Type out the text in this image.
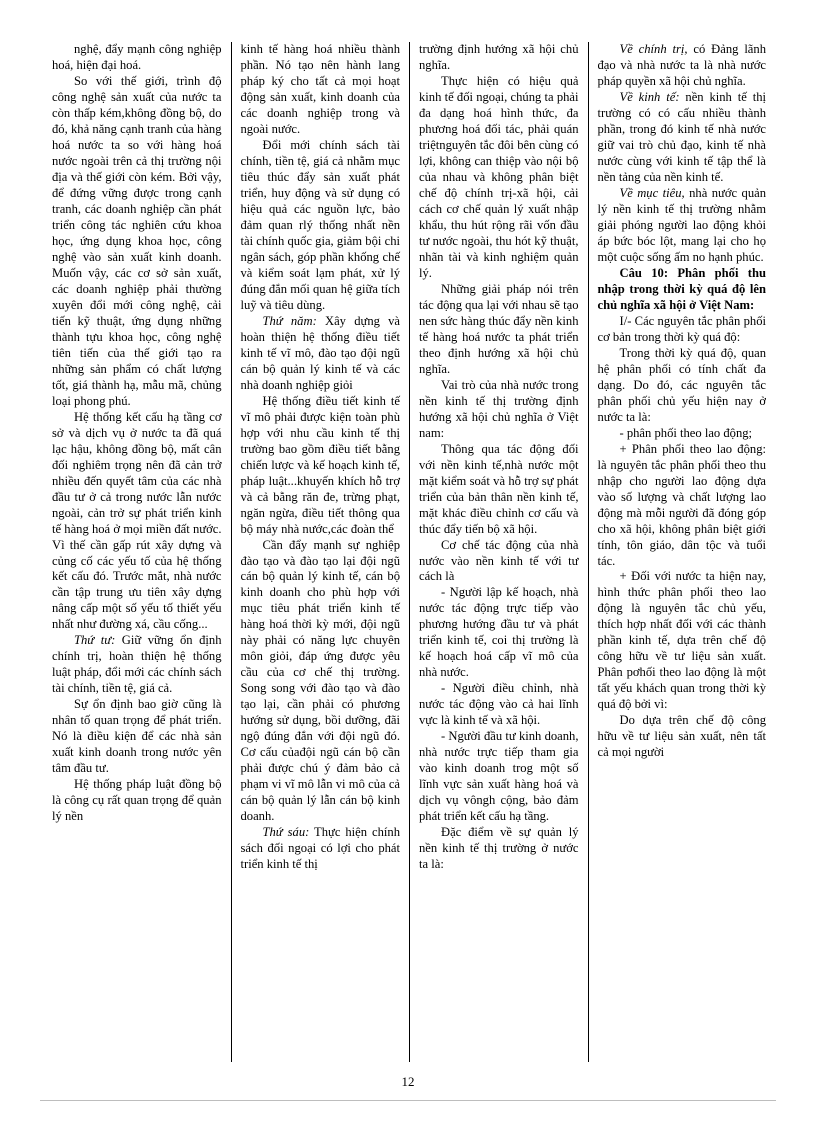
nghệ, đẩy mạnh công nghiệp hoá, hiện đại hoá.

So với thế giới, trình độ công nghệ sản xuất của nước ta còn thấp kém,không đồng bộ, do đó, khả năng cạnh tranh của hàng hoá nước ta so với hàng hoá nước ngoài trên cả thị trường nội địa và thế giới còn kém. Bởi vậy, để đứng vững được trong cạnh tranh, các doanh nghiệp cần phát triển công tác nghiên cứu khoa học, ứng dụng khoa học, công nghệ vào sản xuất kinh doanh. Muốn vậy, các cơ sở sản xuất, các doanh nghiệp phải thường xuyên đổi mới công nghệ, cải tiến kỹ thuật, ứng dụng những thành tựu khoa học, công nghệ tiên tiến của thế giới tạo ra những sản phẩm có chất lượng tốt, giá thành hạ, mẫu mã, chủng loại phong phú.

Hệ thống kết cấu hạ tầng cơ sở và dịch vụ ở nước ta đã quá lạc hậu, không đồng bộ, mất cân đối nghiêm trọng nên đã cản trở nhiều đến quyết tâm của các nhà đầu tư ở cả trong nước lẫn nước ngoài, cản trở sự phát triển kinh tế hàng hoá ở mọi miền đất nước. Vì thế cần gấp rút xây dựng và củng cố các yếu tố của hệ thống kết cấu đó. Trước mắt, nhà nước cần tập trung ưu tiên xây dựng nâng cấp một số yếu tố thiết yếu nhất như đường xá, cầu cống...

Thứ tư: Giữ vững ổn định chính trị, hoàn thiện hệ thống luật pháp, đổi mới các chính sách tài chính, tiền tệ, giá cả.

Sự ổn định bao giờ cũng là nhân tố quan trọng để phát triển. Nó là điều kiện để các nhà sản xuất kinh doanh trong nước yên tâm đầu tư.

Hệ thống pháp luật đồng bộ là công cụ rất quan trọng để quản lý nền

kinh tế hàng hoá nhiều thành phần. Nó tạo nên hành lang pháp ký cho tất cả mọi hoạt động sản xuất, kinh doanh của các doanh nghiệp trong và ngoài nước.

Đổi mới chính sách tài chính, tiền tệ, giá cả nhằm mục tiêu thúc đẩy sản xuất phát triển, huy động và sử dụng có hiệu quả các nguồn lực, bảo đảm quan rlý thống nhất nền tài chính quốc gia, giảm bội chi ngân sách, góp phần khống chế và kiểm soát lạm phát, xử lý đúng đắn mối quan hệ giữa tích luỹ và tiêu dùng.

Thứ năm: Xây dựng và hoàn thiện hệ thống điều tiết kinh tế vĩ mô, đào tạo đội ngũ cán bộ quản lý kinh tế và các nhà doanh nghiệp giỏi

Hệ thống điều tiết kinh tế vĩ mô phải được kiện toàn phù hợp với nhu cầu kinh tế thị trường bao gồm điều tiết bằng chiến lược và kế hoạch kinh tế, pháp luật...khuyến khích hỗ trợ và cả bằng răn đe, trừng phạt, ngăn ngừa, điều tiết thông qua bộ máy nhà nước,các đoàn thể

Cần đẩy mạnh sự nghiệp đào tạo và đào tạo lại đội ngũ cán bộ quản lý kinh tế, cán bộ kinh doanh cho phù hợp với mục tiêu phát triển kinh tế hàng hoá thời kỳ mới, đội ngũ này phải có năng lực chuyên môn giỏi, đáp ứng được yêu cầu của cơ chế thị trường. Song song với đào tạo và đào tạo lại, cần phải có phương hướng sử dụng, bồi dưỡng, đãi ngộ đúng đắn với đội ngũ đó. Cơ cấu củađội ngũ cán bộ cần phải được chú ý đảm bảo cả phạm vi vĩ mô lẫn vi mô của cả cán bộ quản lý lẫn cán bộ kinh doanh.

Thứ sáu: Thực hiện chính sách đối ngoại có lợi cho phát triển kinh tế thị

trường định hướng xã hội chủ nghĩa.

Thực hiện có hiệu quả kinh tế đối ngoại, chúng ta phải đa dạng hoá hình thức, đa phương hoá đối tác, phải quán triệtnguyên tắc đôi bên cùng có lợi, không can thiệp vào nội bộ của nhau và không phân biệt chế độ chính trị-xã hội, cải cách cơ chế quản lý xuất nhập khẩu, thu hút rộng rãi vốn đầu tư nước ngoài, thu hót kỹ thuật, nhãn tài và kinh nghiệm quản lý.

Những giải pháp nói trên tác động qua lại với nhau sẽ tạo nen sức hàng thúc đẩy nền kinh tế hàng hoá nước ta phát triển theo định hướng xã hội chủ nghĩa.

Vai trò của nhà nước trong nền kinh tế thị trường định hướng xã hội chủ nghĩa ở Việt nam:

Thông qua tác động đối với nền kinh tế,nhà nước một mặt kiểm soát và hỗ trợ sự phát triển của bản thân nền kinh tế, mặt khác điều chỉnh cơ cấu và thúc đẩy tiến bộ xã hội.

Cơ chế tác động của nhà nước vào nền kinh tế với tư cách là

- Người lập kế hoạch, nhà nước tác động trực tiếp vào phương hướng đầu tư và phát triển kinh tế, coi thị trường là kế hoạch hoá cấp vĩ mô của nhà nước.

- Người điều chỉnh, nhà nước tác động vào cả hai lĩnh vực là kinh tế và xã hội.

- Người đầu tư kinh doanh, nhà nước trực tiếp tham gia vào kinh doanh trog một số lĩnh vực sản xuất hàng hoá và dịch vụ vôngh cộng, bảo đảm phát triển kết cấu hạ tầng.

Đặc điểm về sự quản lý nền kinh tế thị trường ở nước ta là:

Về chính trị, có Đảng lãnh đạo và nhà nước ta là nhà nước pháp quyền xã hội chủ nghĩa.

Về kinh tế: nền kinh tế thị trường có có cấu nhiều thành phần, trong đó kinh tế nhà nước giữ vai trò chủ đạo, kinh tế nhà nước cùng với kinh tế tập thể là nền tảng của nền kinh tế.

Về mục tiêu, nhà nước quản lý nền kinh tế thị trường nhằm giải phóng người lao động khỏi áp bức bóc lột, mang lại cho họ một cuộc sống ấm no hạnh phúc.

Câu 10: Phân phối thu nhập trong thời kỳ quá độ lên chủ nghĩa xã hội ở Việt Nam:

I/- Các nguyên tắc phân phối cơ bản trong thời kỳ quá độ:

Trong thời kỳ quá độ, quan hệ phân phối có tính chất đa dạng. Do đó, các nguyên tắc phân phối chủ yếu hiện nay ở nước ta là:

- phân phối theo lao động;

+ Phân phối theo lao động: là nguyên tắc phân phối theo thu nhập cho người lao động dựa vào số lượng và chất lượng lao động mà mỗi người đã đóng góp cho xã hội, không phân biệt giới tính, tôn giáo, dân tộc và tuổi tác.

+ Đối với nước ta hiện nay, hình thức phân phối theo lao động là nguyên tắc chủ yếu, thích hợp nhất đối với các thành phần kinh tế, dựa trên chế độ công hữu về tư liệu sản xuất. Phân pơhối theo lao động là một tất yếu khách quan trong thời kỳ quá độ bởi vì:

Do dựa trên chế độ công hữu về tư liệu sản xuất, nên tất cả mọi người

12
